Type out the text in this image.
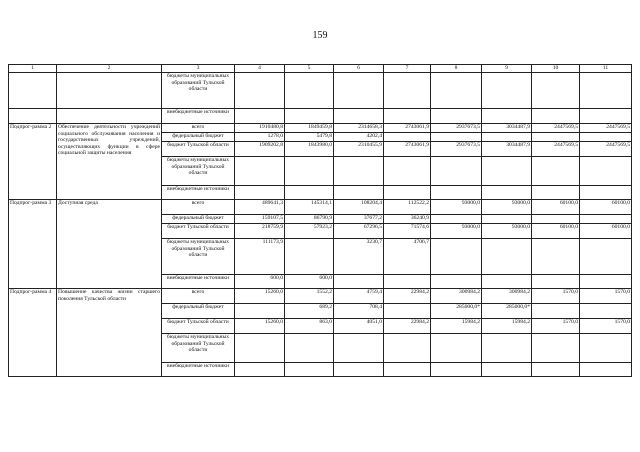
159
1	2	3	4	5	6	7	8	9	10	11
		бюджеты муниципальных образований Тульской области								
		внебюджетные источники								
Подпрог-рамма 2	Обеспечение деятельности учреждений социального обслуживания населения и государственных учреждений, осуществляющих функции в сфере социальной защиты населения	всего	1910480,8	1849459,8	2314658,3	2743061,9	2937673,5	3034487,9	2447569,5	2447569,5
		федеральный бюджет	1278,0	5479,8	4202,4					
		бюджет Тульской области	1909202,8	1843980,0	2310455,9	2743061,9	2937673,5	3034487,9	2447569,5	2447569,5
		бюджеты муниципальных образований Тульской области								
		внебюджетные источники								
Подпрог-рамма 3	Доступная среда	всего	489641,3	145314,1	108204,4	112522,2	93000,0	93000,0	60100,0	60100,0
		федеральный бюджет	159107,5	86790,9	37677,2	36240,9				
		бюджет Тульской области	218759,9	57923,2	67296,5	71574,6	93000,0	93000,0	60100,0	60100,0
		бюджеты муниципальных образований Тульской области	111173,9		3230,7	4706,7				
		внебюджетные источники	600,0	600,0						
Подпрог-рамма 4	Повышение качества жизни старшего поколения Тульской области	всего	15260,0	1552,2	4759,4	22984,2	300984,2	300984,2	1570,0	1570,0
		федеральный бюджет		689,2	708,4		285000,0*	285000,0*		
		бюджет Тульской области	15260,0	863,0	4051,0	22984,2	15984,2	15984,2	1570,0	1570,0
		бюджеты муниципальных образований Тульской области								
		внебюджетные источники								
